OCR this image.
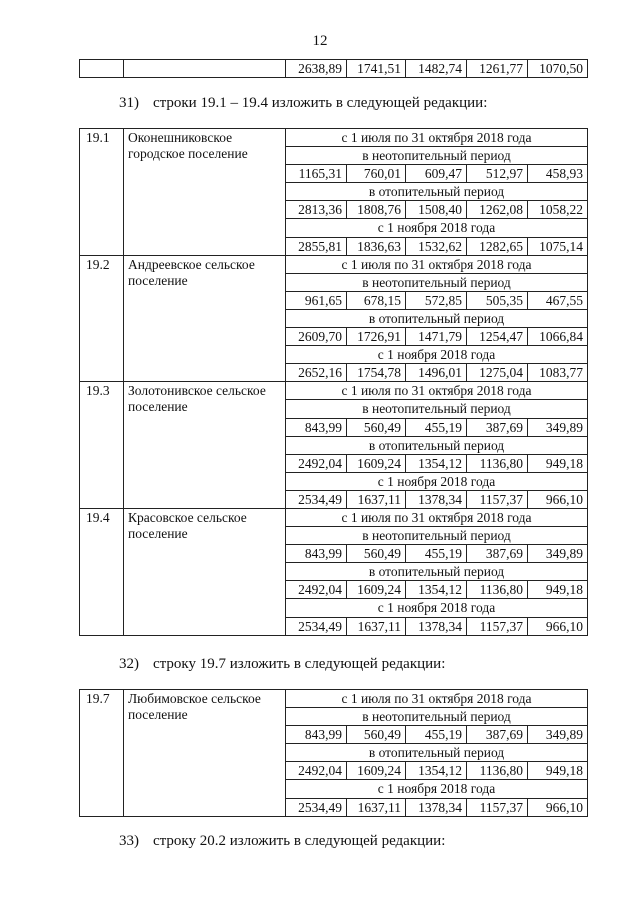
12
		2638,89	1741,51	1482,74	1261,77	1070,50
31) строки 19.1 – 19.4 изложить в следующей редакции:
19.1	Оконешниковское городское поселение	с 1 июля по 31 октября 2018 года				
		в неотопительный период				
		1165,31	760,01	609,47	512,97	458,93
		в отопительный период				
		2813,36	1808,76	1508,40	1262,08	1058,22
		с 1 ноября 2018 года				
		2855,81	1836,63	1532,62	1282,65	1075,14
19.2	Андреевское сельское поселение	с 1 июля по 31 октября 2018 года				
		в неотопительный период				
		961,65	678,15	572,85	505,35	467,55
		в отопительный период				
		2609,70	1726,91	1471,79	1254,47	1066,84
		с 1 ноября 2018 года				
		2652,16	1754,78	1496,01	1275,04	1083,77
19.3	Золотонивское сельское поселение	с 1 июля по 31 октября 2018 года				
		в неотопительный период				
		843,99	560,49	455,19	387,69	349,89
		в отопительный период				
		2492,04	1609,24	1354,12	1136,80	949,18
		с 1 ноября 2018 года				
		2534,49	1637,11	1378,34	1157,37	966,10
19.4	Красовское сельское поселение	с 1 июля по 31 октября 2018 года				
		в неотопительный период				
		843,99	560,49	455,19	387,69	349,89
		в отопительный период				
		2492,04	1609,24	1354,12	1136,80	949,18
		с 1 ноября 2018 года				
		2534,49	1637,11	1378,34	1157,37	966,10
32) строку 19.7 изложить в следующей редакции:
19.7	Любимовское сельское поселение	с 1 июля по 31 октября 2018 года				
		в неотопительный период				
		843,99	560,49	455,19	387,69	349,89
		в отопительный период				
		2492,04	1609,24	1354,12	1136,80	949,18
		с 1 ноября 2018 года				
		2534,49	1637,11	1378,34	1157,37	966,10
33) строку 20.2 изложить в следующей редакции:
